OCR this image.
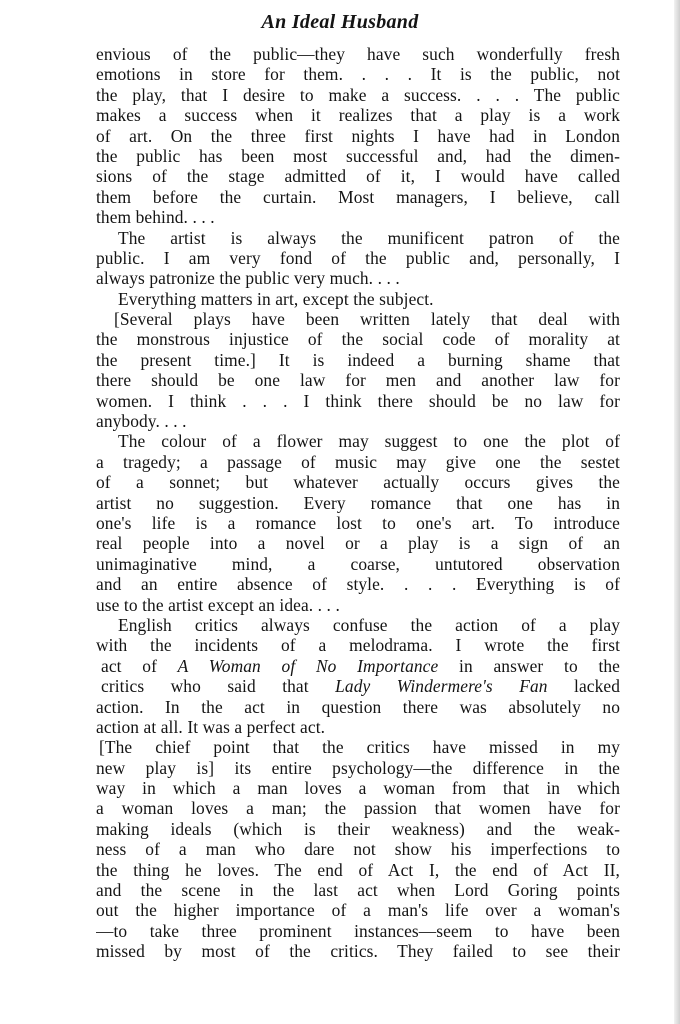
An Ideal Husband
envious of the public—they have such wonderfully fresh
emotions in store for them. . . . It is the public, not
the play, that I desire to make a success. . . . The public
makes a success when it realizes that a play is a work
of art. On the three first nights I have had in London
the public has been most successful and, had the dimen-
sions of the stage admitted of it, I would have called
them before the curtain. Most managers, I believe, call
them behind. . . .
The artist is always the munificent patron of the
public. I am very fond of the public and, personally, I
always patronize the public very much. . . .
Everything matters in art, except the subject.
[Several plays have been written lately that deal with
the monstrous injustice of the social code of morality at
the present time.] It is indeed a burning shame that
there should be one law for men and another law for
women. I think . . . I think there should be no law for
anybody. . . .
The colour of a flower may suggest to one the plot of
a tragedy; a passage of music may give one the sestet
of a sonnet; but whatever actually occurs gives the
artist no suggestion. Every romance that one has in
one's life is a romance lost to one's art. To introduce
real people into a novel or a play is a sign of an
unimaginative mind, a coarse, untutored observation
and an entire absence of style. . . . Everything is of
use to the artist except an idea. . . .
English critics always confuse the action of a play
with the incidents of a melodrama. I wrote the first
act of A Woman of No Importance in answer to the
critics who said that Lady Windermere's Fan lacked
action. In the act in question there was absolutely no
action at all. It was a perfect act.
[The chief point that the critics have missed in my
new play is] its entire psychology—the difference in the
way in which a man loves a woman from that in which
a woman loves a man; the passion that women have for
making ideals (which is their weakness) and the weak-
ness of a man who dare not show his imperfections to
the thing he loves. The end of Act I, the end of Act II,
and the scene in the last act when Lord Goring points
out the higher importance of a man's life over a woman's
—to take three prominent instances—seem to have been
missed by most of the critics. They failed to see their
